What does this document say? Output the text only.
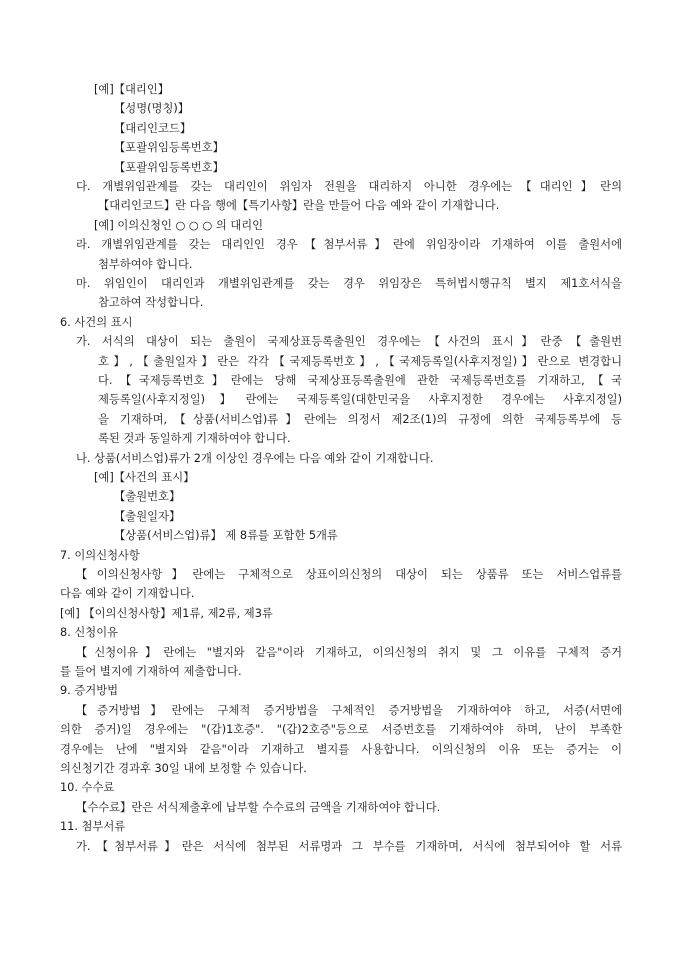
[예]【대리인】
【성명(명칭)】
【대리인코드】
【포괄위임등록번호】
【포괄위임등록번호】
다. 개별위임관계를 갖는 대리인이 위임자 전원을 대리하지 아니한 경우에는【대리인】란의
【대리인코드】란 다음 행에【특기사항】란을 만들어 다음 예와 같이 기재합니다.
[예] 이의신청인 ○ ○ ○ 의 대리인
라. 개별위임관계를 갖는 대리인인 경우【첨부서류】란에 위임장이라 기재하여 이를 출원서에
첨부하여야 합니다.
마. 위임인이 대리인과 개별위임관계를 갖는 경우 위임장은 특허법시행규칙 별지 제1호서식을
참고하여 작성합니다.
6. 사건의 표시
가. 서식의 대상이 되는 출원이 국제상표등록출원인 경우에는【사건의 표시】란중【출원번
호】,【출원일자】란은 각각【국제등록번호】,【국제등록일(사후지정일)】란으로 변경합니
다.【국제등록번호】란에는 당해 국제상표등록출원에 관한 국제등록번호를 기재하고,【국
제등록일(사후지정일)】란에는 국제등록일(대한민국을 사후지정한 경우에는 사후지정일)
을 기재하며,【상품(서비스업)류】란에는 의정서 제2조(1)의 규정에 의한 국제등록부에 등
록된 것과 동일하게 기재하여야 합니다.
나. 상품(서비스업)류가 2개 이상인 경우에는 다음 예와 같이 기재합니다.
[예]【사건의 표시】
【출원번호】
【출원일자】
【상품(서비스업)류】 제 8류를 포함한 5개류
7. 이의신청사항
【이의신청사항】란에는 구체적으로 상표이의신청의 대상이 되는 상품류 또는 서비스업류를
다음 예와 같이 기재합니다.
[예] 【이의신청사항】제1류, 제2류, 제3류
8. 신청이유
【신청이유】란에는 "별지와 같음"이라 기재하고, 이의신청의 취지 및 그 이유를 구체적 증거
를 들어 별지에 기재하여 제출합니다.
9. 증거방법
【증거방법】란에는 구체적 증거방법을 구체적인 증거방법을 기재하여야 하고, 서증(서면에
의한 증거)일 경우에는 "(갑)1호증". "(갑)2호증"등으로 서증번호를 기재하여야 하며, 난이 부족한
경우에는 난에 "별지와 같음"이라 기재하고 별지를 사용합니다. 이의신청의 이유 또는 증거는 이
의신청기간 경과후 30일 내에 보정할 수 있습니다.
10. 수수료
【수수료】란은 서식제출후에 납부할 수수료의 금액을 기재하여야 합니다.
11. 첨부서류
가.【첨부서류】란은 서식에 첨부된 서류명과 그 부수를 기재하며, 서식에 첨부되어야 할 서류
